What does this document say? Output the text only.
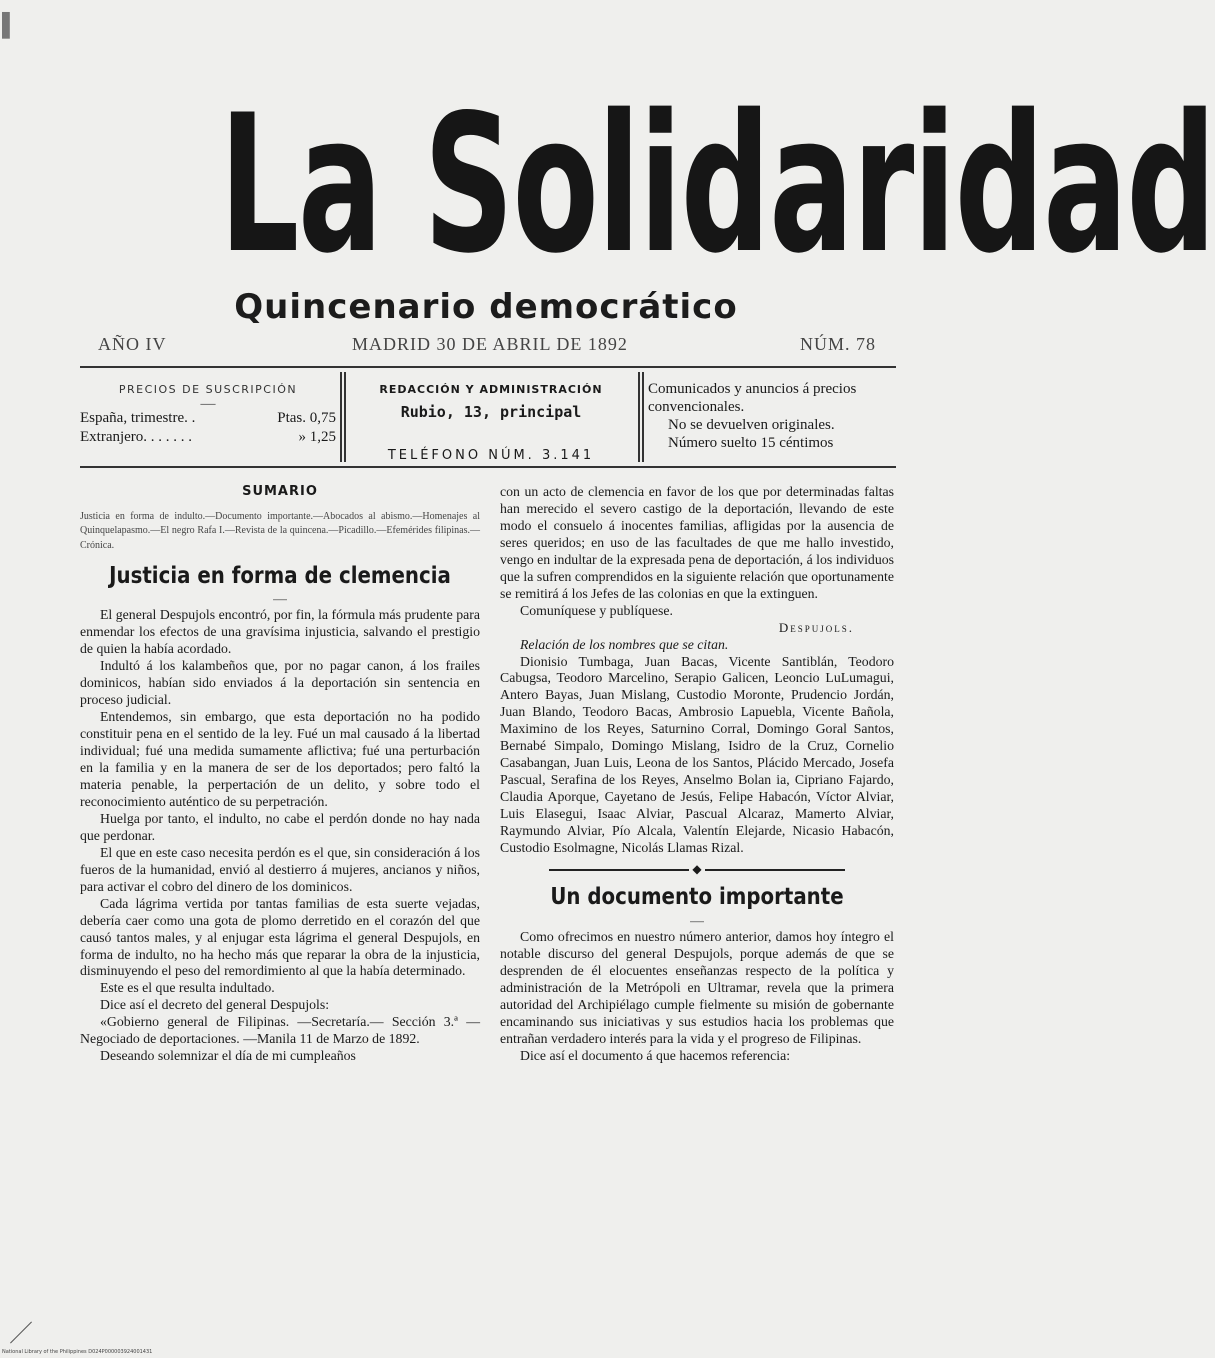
▌
La Solidaridad
Quincenario democrático
AÑO IV	MADRID 30 DE ABRIL DE 1892	NÚM. 78
PRECIOS DE SUSCRIPCIÓN
—
España, trimestre. .	Ptas. 0,75
Extranjero. . . . . . .	» 1,25
REDACCIÓN Y ADMINISTRACIÓN
Rubio, 13, principal
TELÉFONO NÚM. 3.141
Comunicados y anuncios á precios convencionales.
No se devuelven originales.
Número suelto 15 céntimos
SUMARIO
Justicia en forma de indulto.—Documento importante.—Abocados al abismo.—Homenajes al Quinquelapasmo.—El negro Rafa I.—Revista de la quincena.—Picadillo.—Efemérides filipinas.—Crónica.
Justicia en forma de clemencia
—

El general Despujols encontró, por fin, la fórmula más prudente para enmendar los efectos de una gravísima injusticia, salvando el prestigio de quien la había acordado.

Indultó á los kalambeños que, por no pagar canon, á los frailes dominicos, habían sido enviados á la deportación sin sentencia en proceso judicial.

Entendemos, sin embargo, que esta deportación no ha podido constituir pena en el sentido de la ley. Fué un mal causado á la libertad individual; fué una medida sumamente aflictiva; fué una perturbación en la familia y en la manera de ser de los deportados; pero faltó la materia penable, la perpertación de un delito, y sobre todo el reconocimiento auténtico de su perpetración.

Huelga por tanto, el indulto, no cabe el perdón donde no hay nada que perdonar.

El que en este caso necesita perdón es el que, sin consideración á los fueros de la humanidad, envió al destierro á mujeres, ancianos y niños, para activar el cobro del dinero de los dominicos.

Cada lágrima vertida por tantas familias de esta suerte vejadas, debería caer como una gota de plomo derretido en el corazón del que causó tantos males, y al enjugar esta lágrima el general Despujols, en forma de indulto, no ha hecho más que reparar la obra de la injusticia, disminuyendo el peso del remordimiento al que la había determinado.

Este es el que resulta indultado.

Dice así el decreto del general Despujols:

«Gobierno general de Filipinas. —Secretaría.— Sección 3.ª —Negociado de deportaciones. —Manila 11 de Marzo de 1892.

Deseando solemnizar el día de mi cumpleaños

con un acto de clemencia en favor de los que por determinadas faltas han merecido el severo castigo de la deportación, llevando de este modo el consuelo á inocentes familias, afligidas por la ausencia de seres queridos; en uso de las facultades de que me hallo investido, vengo en indultar de la expresada pena de deportación, á los individuos que la sufren comprendidos en la siguiente relación que oportunamente se remitirá á los Jefes de las colonias en que la extinguen.

Comuníquese y publíquese.

Despujols.

Relación de los nombres que se citan.

Dionisio Tumbaga, Juan Bacas, Vicente Santiblán, Teodoro Cabugsa, Teodoro Marcelino, Serapio Galicen, Leoncio LuLumagui, Antero Bayas, Juan Mislang, Custodio Moronte, Prudencio Jordán, Juan Blando, Teodoro Bacas, Ambrosio Lapuebla, Vicente Bañola, Maximino de los Reyes, Saturnino Corral, Domingo Goral Santos, Bernabé Simpalo, Domingo Mislang, Isidro de la Cruz, Cornelio Casabangan, Juan Luis, Leona de los Santos, Plácido Mercado, Josefa Pascual, Serafina de los Reyes, Anselmo Bolan ia, Cipriano Fajardo, Claudia Aporque, Cayetano de Jesús, Felipe Habacón, Víctor Alviar, Luis Elasegui, Isaac Alviar, Pascual Alcaraz, Mamerto Alviar, Raymundo Alviar, Pío Alcala, Valentín Elejarde, Nicasio Habacón, Custodio Esolmagne, Nicolás Llamas Rizal.

◆
Un documento importante
—

Como ofrecimos en nuestro número anterior, damos hoy íntegro el notable discurso del general Despujols, porque además de que se desprenden de él elocuentes enseñanzas respecto de la política y administración de la Metrópoli en Ultramar, revela que la primera autoridad del Archipiélago cumple fielmente su misión de gobernante encaminando sus iniciativas y sus estudios hacia los problemas que entrañan verdadero interés para la vida y el progreso de Filipinas.

Dice así el documento á que hacemos referencia:

National Library of the Philippines D024P000003924001431
